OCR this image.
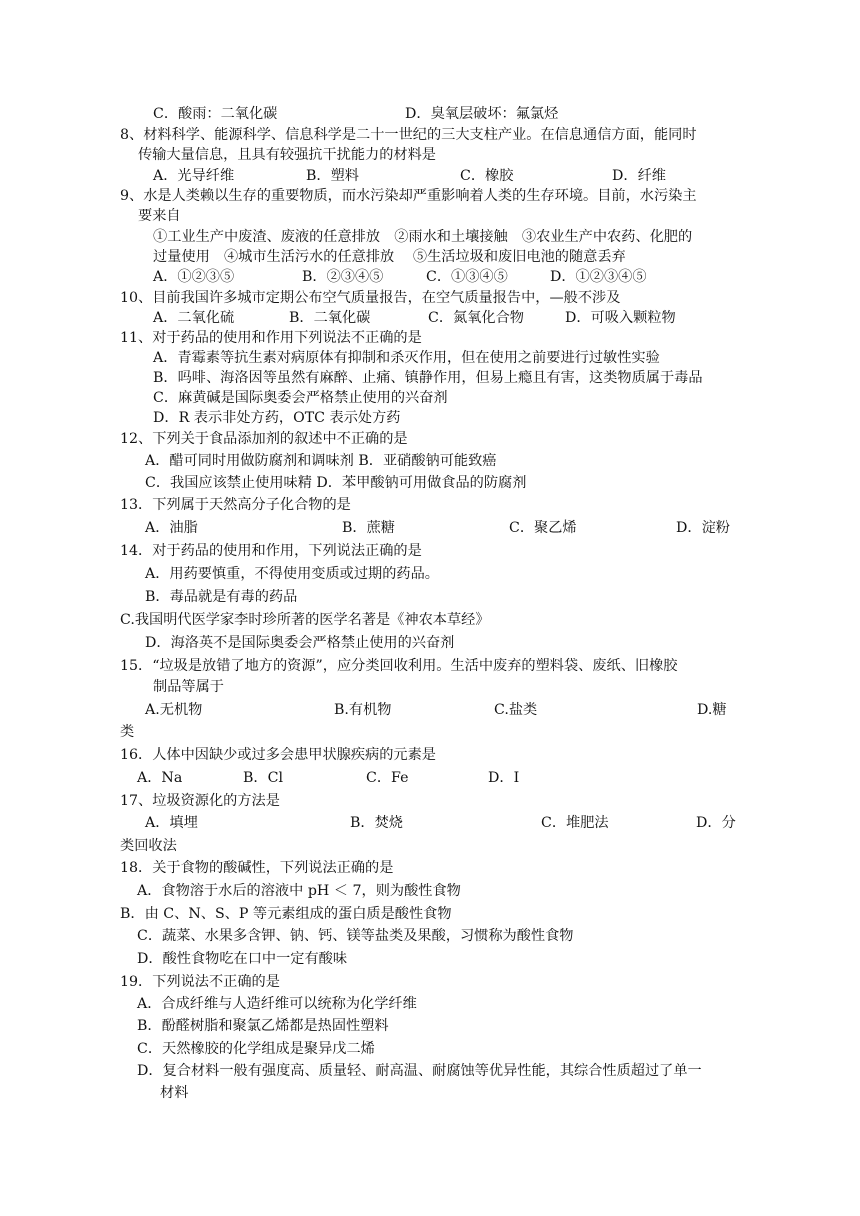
C．酸雨：二氧化碳	D．臭氧层破坏：氟氯烃
8、材料科学、能源科学、信息科学是二十一世纪的三大支柱产业。在信息通信方面，能同时
传输大量信息，且具有较强抗干扰能力的材料是
A．光导纤维	B．塑料	C．橡胶	D．纤维
9、水是人类赖以生存的重要物质，而水污染却严重影响着人类的生存环境。目前，水污染主
要来自
①工业生产中废渣、废液的任意排放　②雨水和土壤接触　③农业生产中农药、化肥的
过量使用　④城市生活污水的任意排放　 ⑤生活垃圾和废旧电池的随意丢弃
A．①②③⑤	B．②③④⑤	C．①③④⑤	D．①②③④⑤
10、目前我国许多城市定期公布空气质量报告，在空气质量报告中，—般不涉及
A．二氧化硫	B．二氧化碳	C．氮氧化合物	D．可吸入颗粒物
11、对于药品的使用和作用下列说法不正确的是
A．青霉素等抗生素对病原体有抑制和杀灭作用，但在使用之前要进行过敏性实验
B．吗啡、海洛因等虽然有麻醉、止痛、镇静作用，但易上瘾且有害，这类物质属于毒品
C．麻黄碱是国际奥委会严格禁止使用的兴奋剂
D．R 表示非处方药，OTC 表示处方药
12、下列关于食品添加剂的叙述中不正确的是
A．醋可同时用做防腐剂和调味剂 B．亚硝酸钠可能致癌
C．我国应该禁止使用味精 D．苯甲酸钠可用做食品的防腐剂
13．下列属于天然高分子化合物的是
A．油脂	B．蔗糖	C．聚乙烯	D．淀粉
14．对于药品的使用和作用，下列说法正确的是
A．用药要慎重，不得使用变质或过期的药品。
B．毒品就是有毒的药品
C.我国明代医学家李时珍所著的医学名著是《神农本草经》
D．海洛英不是国际奥委会严格禁止使用的兴奋剂
15．“垃圾是放错了地方的资源”，应分类回收利用。生活中废弃的塑料袋、废纸、旧橡胶
制品等属于
A.无机物	B.有机物	C.盐类	D.糖
类
16．人体中因缺少或过多会患甲状腺疾病的元素是
A．Na	B．Cl	C．Fe	D．I
17、垃圾资源化的方法是
A．填埋	B．焚烧	C．堆肥法	D．分
类回收法
18．关于食物的酸碱性，下列说法正确的是
A．食物溶于水后的溶液中 pH ＜ 7，则为酸性食物
B．由 C、N、S、P 等元素组成的蛋白质是酸性食物
C．蔬菜、水果多含钾、钠、钙、镁等盐类及果酸，习惯称为酸性食物
D．酸性食物吃在口中一定有酸味
19．下列说法不正确的是
A．合成纤维与人造纤维可以统称为化学纤维
B．酚醛树脂和聚氯乙烯都是热固性塑料
C．天然橡胶的化学组成是聚异戊二烯
D．复合材料一般有强度高、质量轻、耐高温、耐腐蚀等优异性能，其综合性质超过了单一
材料
